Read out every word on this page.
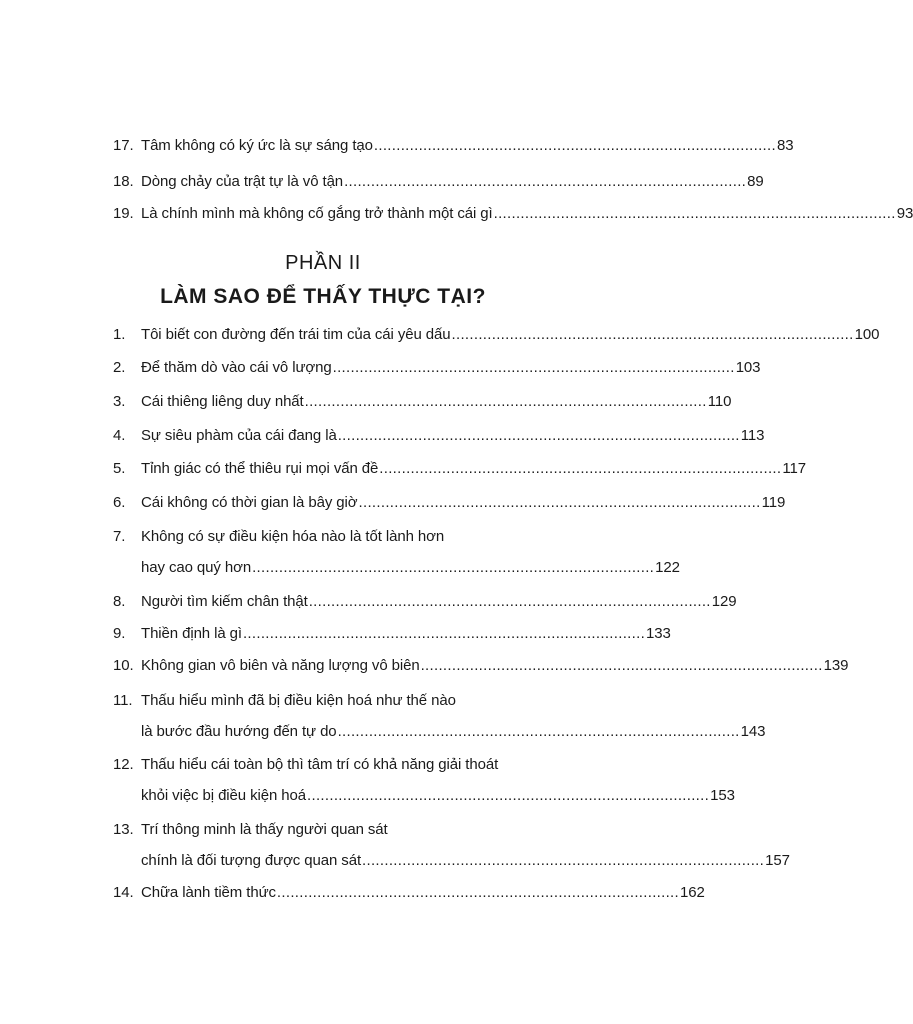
17. Tâm không có ký ức là sự sáng tạo .......................................................................................... 83
18. Dòng chảy của trật tự là vô tận .......................................................................................... 89
19. Là chính mình mà không cố gắng trở thành một cái gì .......................................................................................... 93
PHẦN II
LÀM SAO ĐỂ THẤY THỰC TẠI?
1.	Tôi biết con đường đến trái tim của cái yêu dấu .......................................................................................... 100
2.	Để thăm dò vào cái vô lượng .......................................................................................... 103
3.	Cái thiêng liêng duy nhất .......................................................................................... 110
4.	Sự siêu phàm của cái đang là .......................................................................................... 113
5.	Tỉnh giác có thể thiêu rụi mọi vấn đề .......................................................................................... 117
6.	Cái không có thời gian là bây giờ .......................................................................................... 119
7.	Không có sự điều kiện hóa nào là tốt lành hơn
hay cao quý hơn .......................................................................................... 122
8.	Người tìm kiếm chân thật .......................................................................................... 129
9.	Thiền định là gì .......................................................................................... 133
10. Không gian vô biên và năng lượng vô biên .......................................................................................... 139
11. Thấu hiểu mình đã bị điều kiện hoá như thế nào
là bước đầu hướng đến tự do .......................................................................................... 143
12. Thấu hiểu cái toàn bộ thì tâm trí có khả năng giải thoát
khỏi việc bị điều kiện hoá .......................................................................................... 153
13. Trí thông minh là thấy người quan sát
chính là đối tượng được quan sát .......................................................................................... 157
14. Chữa lành tiềm thức .......................................................................................... 162
